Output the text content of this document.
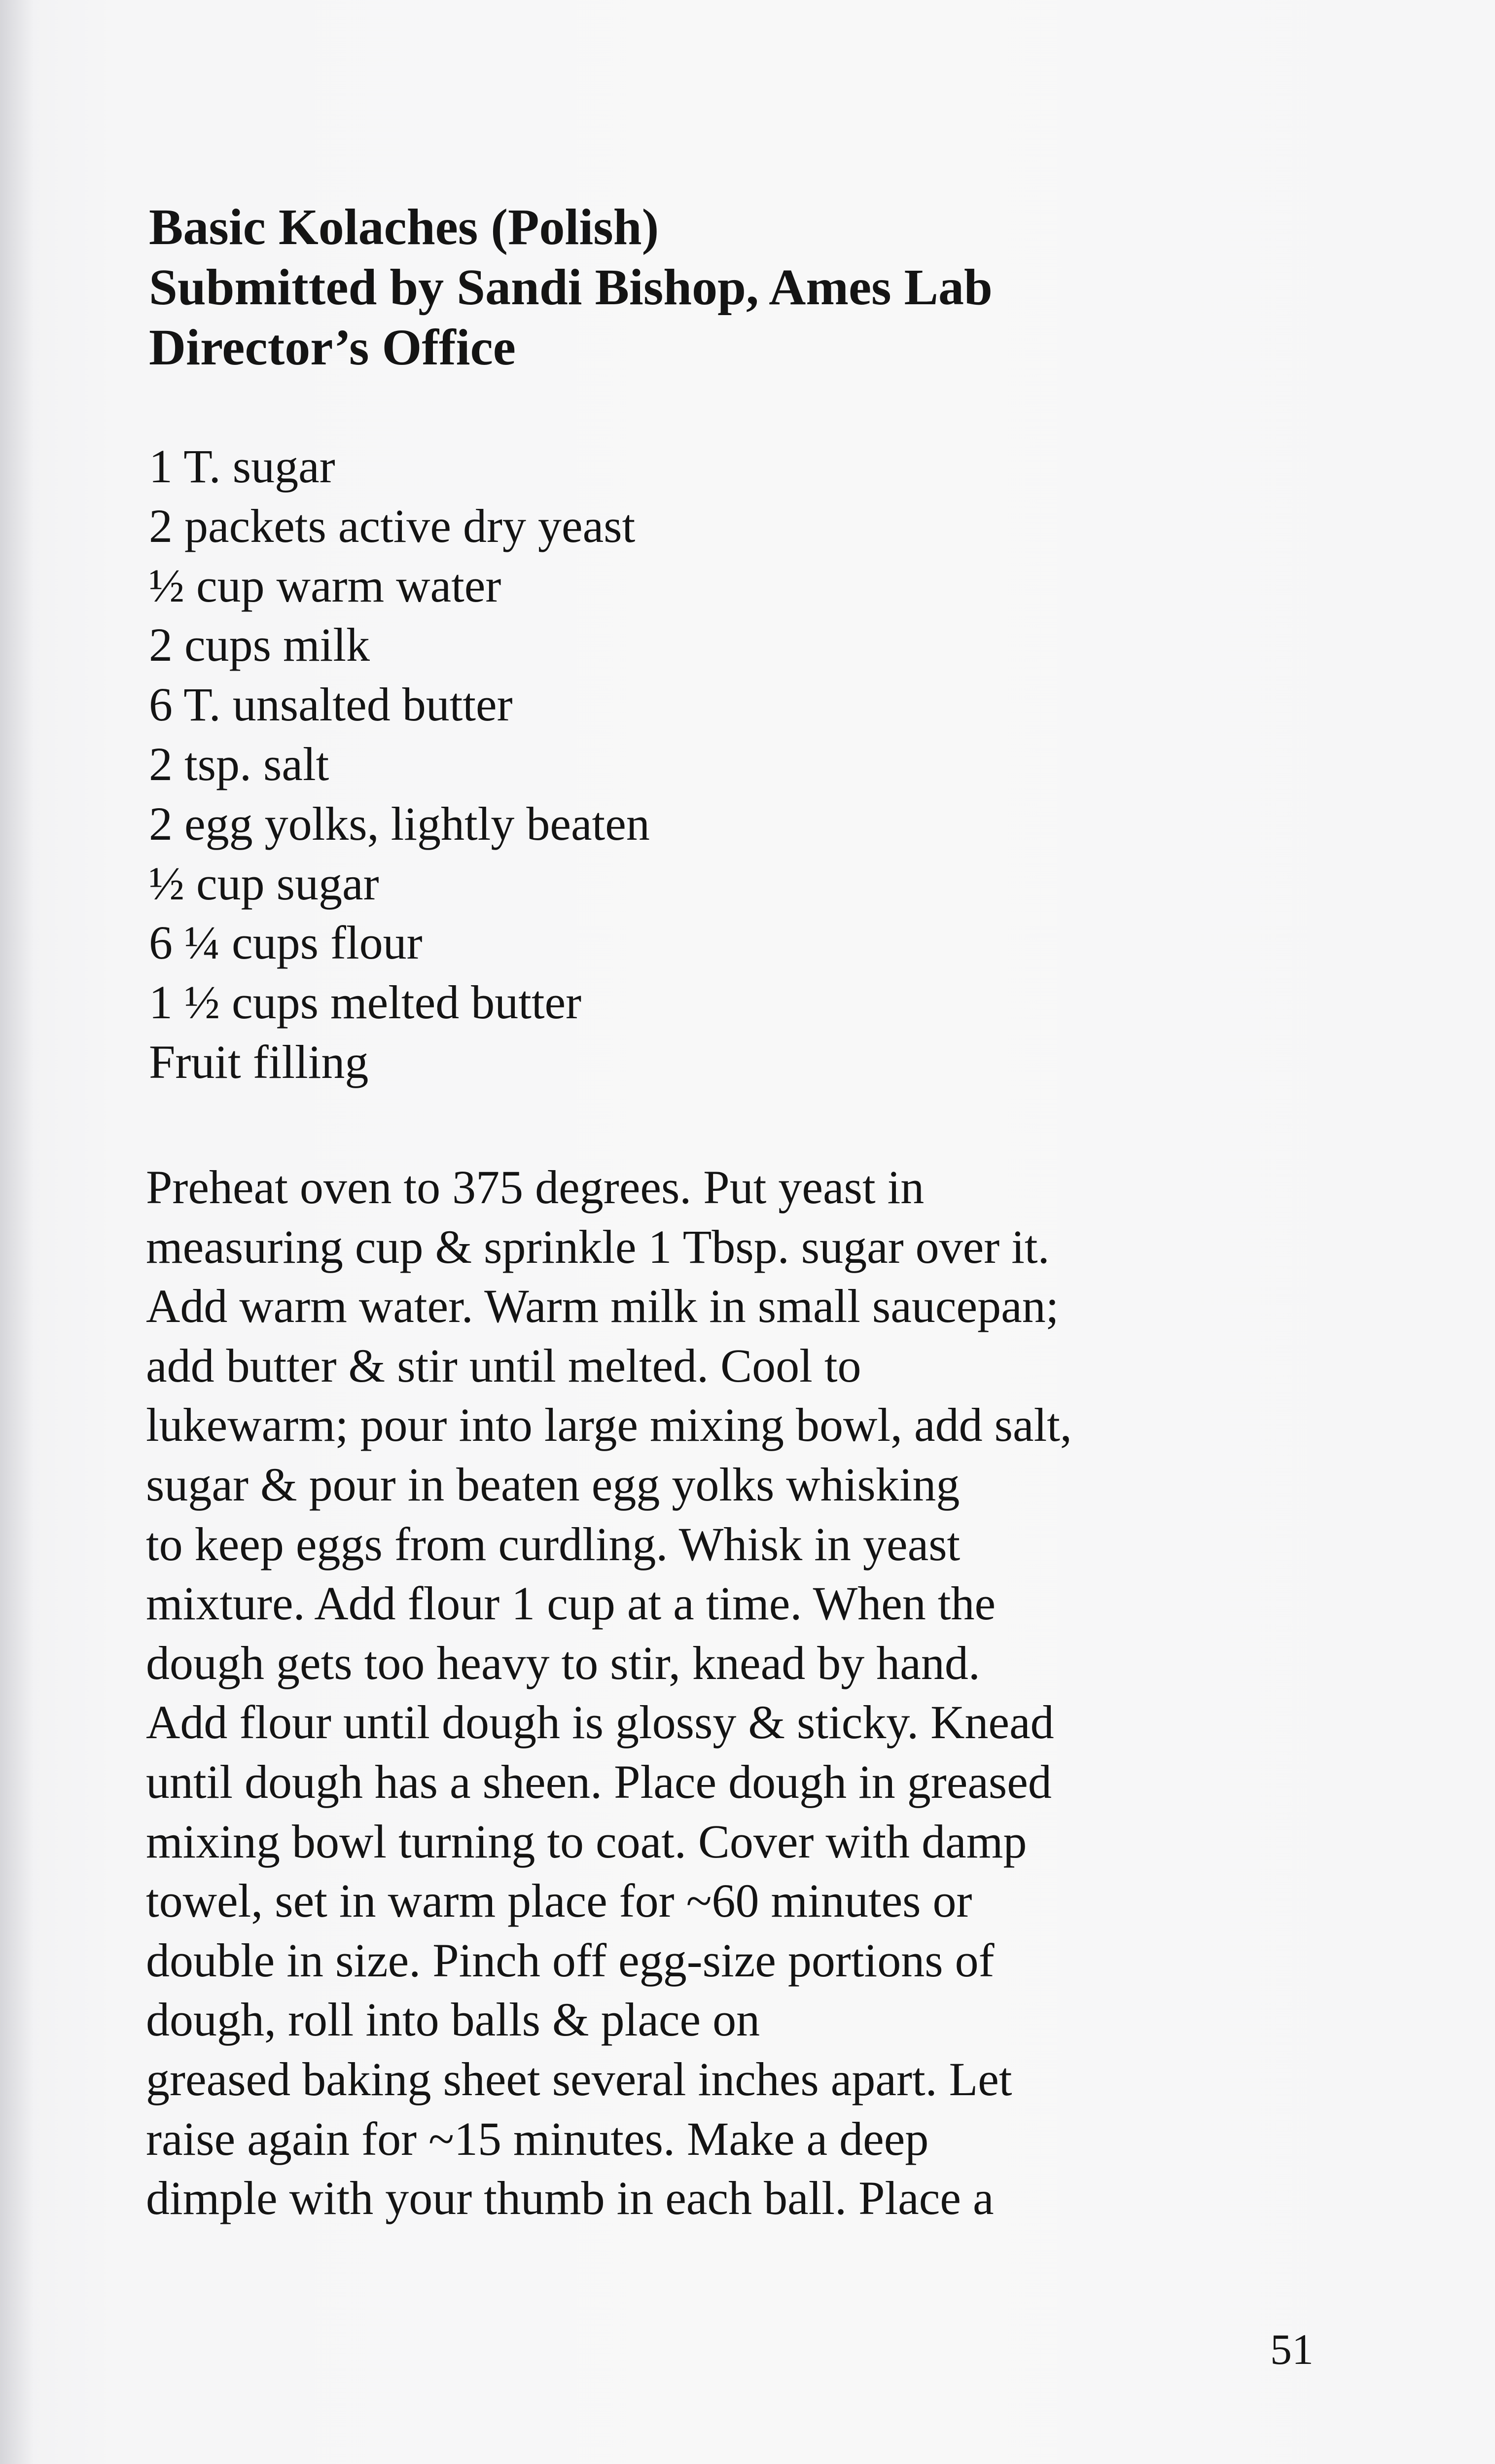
Basic Kolaches (Polish)
Submitted by Sandi Bishop, Ames Lab
Director’s Office
1 T. sugar
2 packets active dry yeast
½ cup warm water
2 cups milk
6 T. unsalted butter
2 tsp. salt
2 egg yolks, lightly beaten
½ cup sugar
6 ¼ cups flour
1 ½ cups melted butter
Fruit filling
Preheat oven to 375 degrees. Put yeast in
measuring cup & sprinkle 1 Tbsp. sugar over it.
Add warm water. Warm milk in small saucepan;
add butter & stir until melted. Cool to
lukewarm; pour into large mixing bowl, add salt,
sugar & pour in beaten egg yolks whisking
to keep eggs from curdling. Whisk in yeast
mixture. Add flour 1 cup at a time. When the
dough gets too heavy to stir, knead by hand.
Add flour until dough is glossy & sticky. Knead
until dough has a sheen. Place dough in greased
mixing bowl turning to coat. Cover with damp
towel, set in warm place for ~60 minutes or
double in size. Pinch off egg-size portions of
dough, roll into balls & place on
greased baking sheet several inches apart. Let
raise again for ~15 minutes. Make a deep
dimple with your thumb in each ball. Place a
51
